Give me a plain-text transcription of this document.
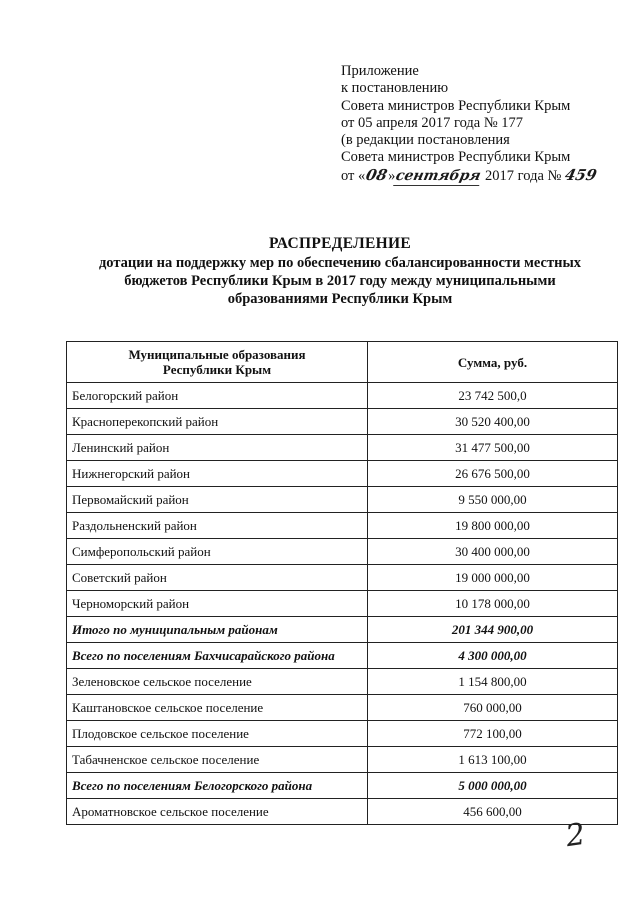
Приложение
к постановлению
Совета министров Республики Крым
от 05 апреля 2017 года № 177
(в редакции постановления
Совета министров Республики Крым
от «08»сентября 2017 года № 459
РАСПРЕДЕЛЕНИЕ
дотации на поддержку мер по обеспечению сбалансированности местных
бюджетов Республики Крым в 2017 году между муниципальными
образованиями Республики Крым
Муниципальные образования
Республики Крым	Сумма, руб.
Белогорский район	23 742 500,0
Красноперекопский район	30 520 400,00
Ленинский район	31 477 500,00
Нижнегорский район	26 676 500,00
Первомайский район	9 550 000,00
Раздольненский район	19 800 000,00
Симферопольский район	30 400 000,00
Советский район	19 000 000,00
Черноморский район	10 178 000,00
Итого по муниципальным районам	201 344 900,00
Всего по поселениям Бахчисарайского района	4 300 000,00
Зеленовское сельское поселение	1 154 800,00
Каштановское сельское поселение	760 000,00
Плодовское сельское поселение	772 100,00
Табачненское сельское поселение	1 613 100,00
Всего по поселениям Белогорского района	5 000 000,00
Ароматновское сельское поселение	456 600,00
2
